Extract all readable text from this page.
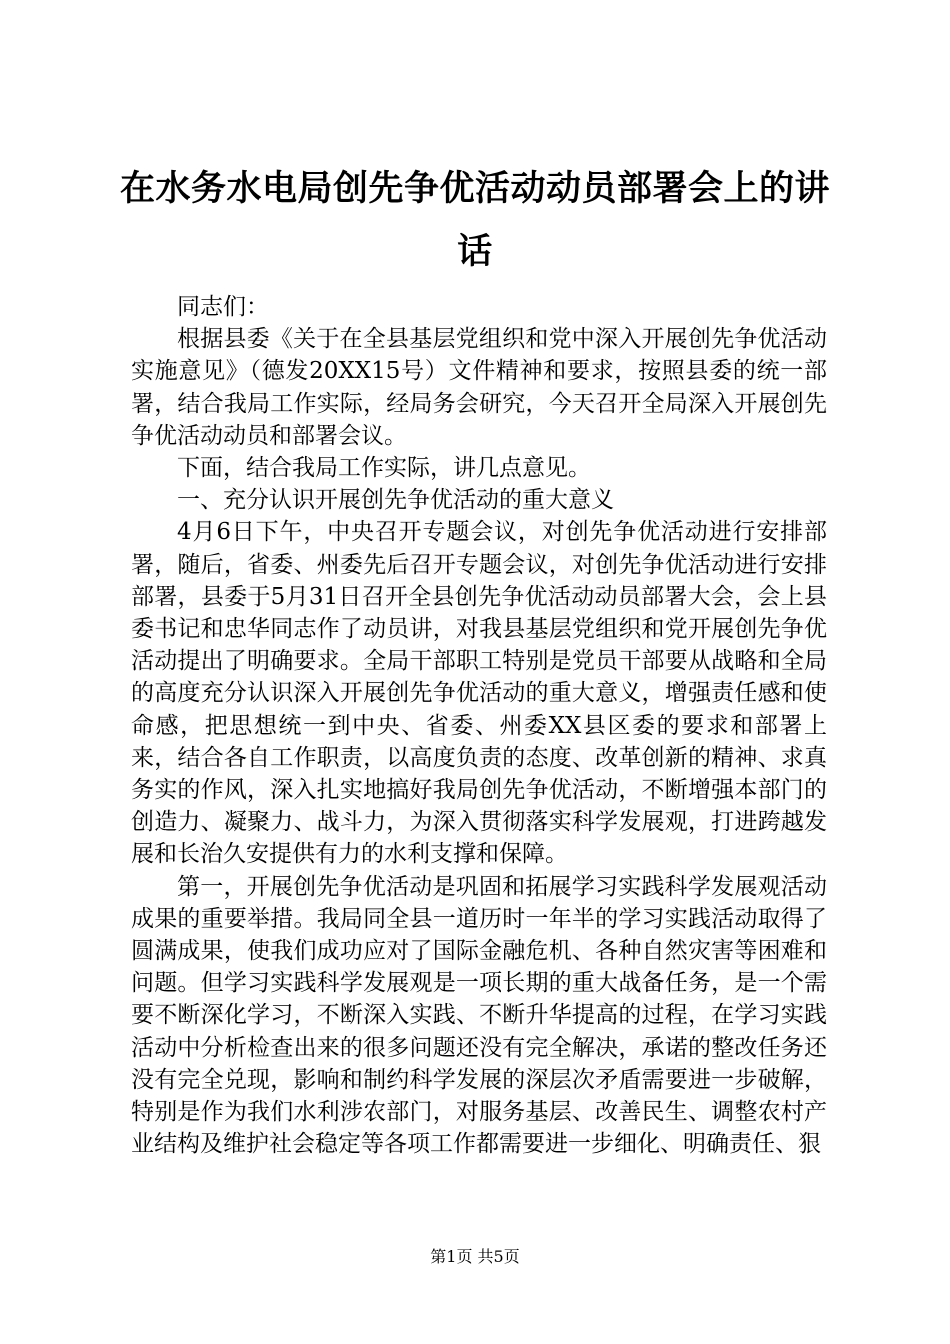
在水务水电局创先争优活动动员部署会上的讲话

同志们：

根据县委《关于在全县基层党组织和党中深入开展创先争优活动实施意见》（德发20XX15号）文件精神和要求，按照县委的统一部署，结合我局工作实际，经局务会研究，今天召开全局深入开展创先争优活动动员和部署会议。

下面，结合我局工作实际，讲几点意见。

一、充分认识开展创先争优活动的重大意义

4月6日下午，中央召开专题会议，对创先争优活动进行安排部署，随后，省委、州委先后召开专题会议，对创先争优活动进行安排部署，县委于5月31日召开全县创先争优活动动员部署大会，会上县委书记和忠华同志作了动员讲，对我县基层党组织和党开展创先争优活动提出了明确要求。全局干部职工特别是党员干部要从战略和全局的高度充分认识深入开展创先争优活动的重大意义，增强责任感和使命感，把思想统一到中央、省委、州委XX县区委的要求和部署上来，结合各自工作职责，以高度负责的态度、改革创新的精神、求真务实的作风，深入扎实地搞好我局创先争优活动，不断增强本部门的创造力、凝聚力、战斗力，为深入贯彻落实科学发展观，打进跨越发展和长治久安提供有力的水利支撑和保障。

第一，开展创先争优活动是巩固和拓展学习实践科学发展观活动成果的重要举措。我局同全县一道历时一年半的学习实践活动取得了圆满成果，使我们成功应对了国际金融危机、各种自然灾害等困难和问题。但学习实践科学发展观是一项长期的重大战备任务，是一个需要不断深化学习，不断深入实践、不断升华提高的过程，在学习实践活动中分析检查出来的很多问题还没有完全解决，承诺的整改任务还没有完全兑现，影响和制约科学发展的深层次矛盾需要进一步破解，特别是作为我们水利涉农部门，对服务基层、改善民生、调整农村产业结构及维护社会稳定等各项工作都需要进一步细化、明确责任、狠

第1页 共5页
